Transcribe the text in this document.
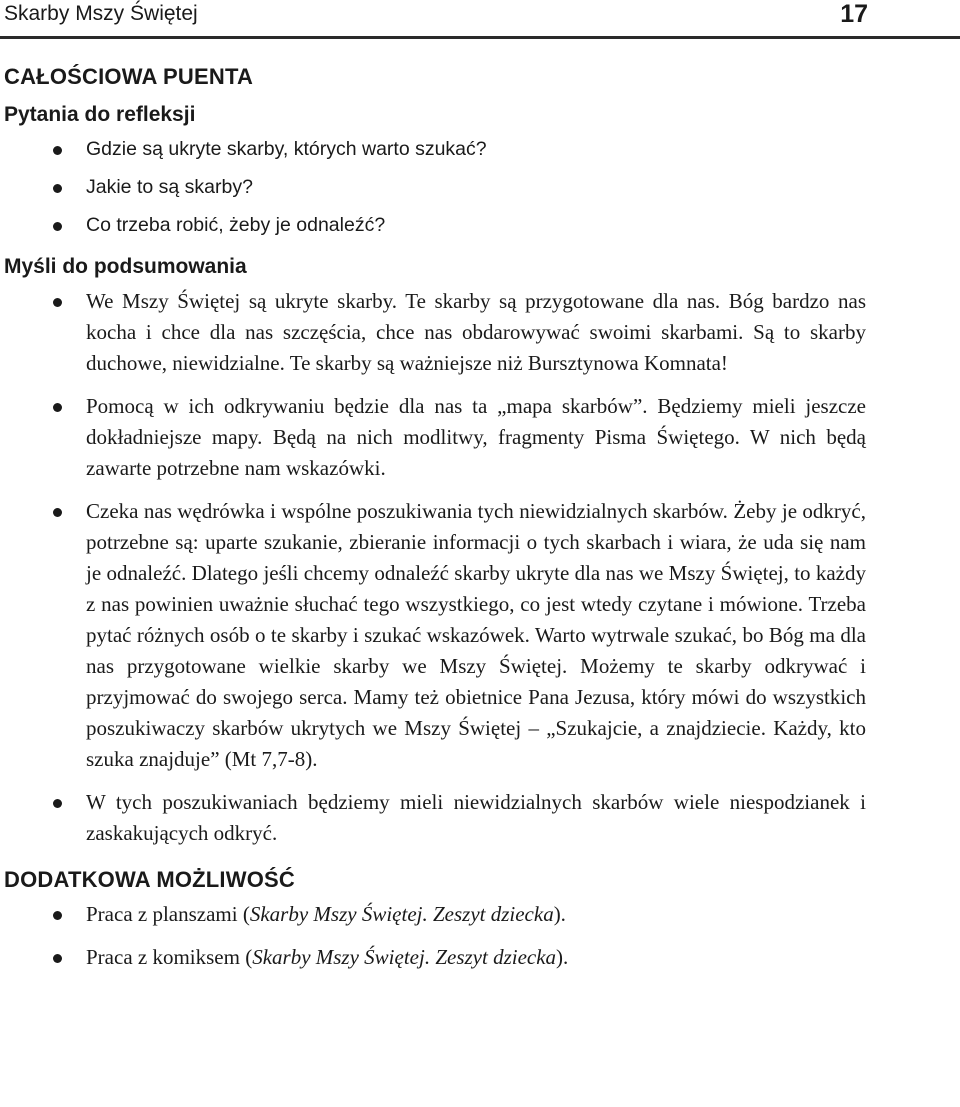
Skarby Mszy Świętej	17
CAŁOŚCIOWA PUENTA
Pytania do refleksji
Gdzie są ukryte skarby, których warto szukać?
Jakie to są skarby?
Co trzeba robić, żeby je odnaleźć?
Myśli do podsumowania
We Mszy Świętej są ukryte skarby. Te skarby są przygotowane dla nas. Bóg bardzo nas kocha i chce dla nas szczęścia, chce nas obdarowywać swoimi skarbami. Są to skarby duchowe, niewidzialne. Te skarby są ważniejsze niż Bursztynowa Komnata!
Pomocą w ich odkrywaniu będzie dla nas ta „mapa skarbów”. Będziemy mieli jeszcze dokładniejsze mapy. Będą na nich modlitwy, fragmenty Pisma Świętego. W nich będą zawarte potrzebne nam wskazówki.
Czeka nas wędrówka i wspólne poszukiwania tych niewidzialnych skarbów. Żeby je odkryć, potrzebne są: uparte szukanie, zbieranie informacji o tych skarbach i wiara, że uda się nam je odnaleźć. Dlatego jeśli chcemy odnaleźć skarby ukryte dla nas we Mszy Świętej, to każdy z nas powinien uważnie słuchać tego wszystkiego, co jest wtedy czytane i mówione. Trzeba pytać różnych osób o te skarby i szukać wskazówek. Warto wytrwale szukać, bo Bóg ma dla nas przygotowane wielkie skarby we Mszy Świętej. Możemy te skarby odkrywać i przyjmować do swojego serca. Mamy też obietnice Pana Jezusa, który mówi do wszystkich poszukiwaczy skarbów ukrytych we Mszy Świętej – „Szukajcie, a znajdziecie. Każdy, kto szuka znajduje” (Mt 7,7-8).
W tych poszukiwaniach będziemy mieli niewidzialnych skarbów wiele niespodzianek i zaskakujących odkryć.
DODATKOWA MOŻLIWOŚĆ
Praca z planszami (Skarby Mszy Świętej. Zeszyt dziecka).
Praca z komiksem (Skarby Mszy Świętej. Zeszyt dziecka).
